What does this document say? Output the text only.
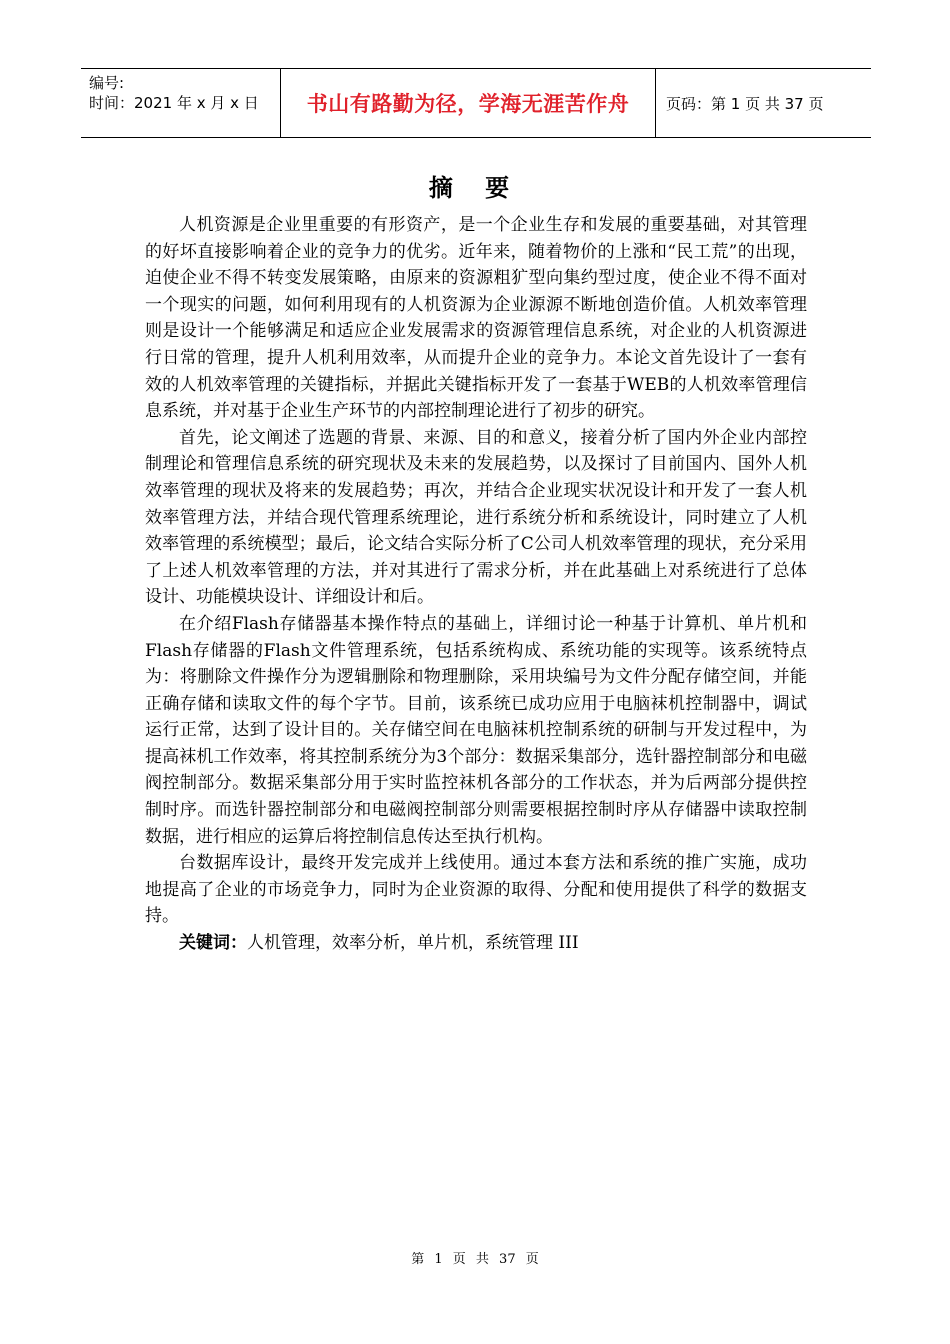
编号:
时间：2021 年 x 月 x 日	书山有路勤为径，学海无涯苦作舟 页码：第 1 页 共 37 页
摘 要

人机资源是企业里重要的有形资产，是一个企业生存和发展的重要基础，对其管理的好坏直接影响着企业的竞争力的优劣。近年来，随着物价的上涨和“民工荒”的出现，迫使企业不得不转变发展策略，由原来的资源粗犷型向集约型过度，使企业不得不面对一个现实的问题，如何利用现有的人机资源为企业源源不断地创造价值。人机效率管理则是设计一个能够满足和适应企业发展需求的资源管理信息系统，对企业的人机资源进行日常的管理，提升人机利用效率，从而提升企业的竞争力。本论文首先设计了一套有效的人机效率管理的关键指标，并据此关键指标开发了一套基于WEB的人机效率管理信息系统，并对基于企业生产环节的内部控制理论进行了初步的研究。

首先，论文阐述了选题的背景、来源、目的和意义，接着分析了国内外企业内部控制理论和管理信息系统的研究现状及未来的发展趋势，以及探讨了目前国内、国外人机效率管理的现状及将来的发展趋势；再次，并结合企业现实状况设计和开发了一套人机效率管理方法，并结合现代管理系统理论，进行系统分析和系统设计，同时建立了人机效率管理的系统模型；最后，论文结合实际分析了C公司人机效率管理的现状，充分采用了上述人机效率管理的方法，并对其进行了需求分析，并在此基础上对系统进行了总体设计、功能模块设计、详细设计和后。

在介绍Flash存储器基本操作特点的基础上，详细讨论一种基于计算机、单片机和Flash存储器的Flash文件管理系统，包括系统构成、系统功能的实现等。该系统特点为：将删除文件操作分为逻辑删除和物理删除，采用块编号为文件分配存储空间，并能正确存储和读取文件的每个字节。目前，该系统已成功应用于电脑袜机控制器中，调试运行正常，达到了设计目的。关存储空间在电脑袜机控制系统的研制与开发过程中，为提高袜机工作效率，将其控制系统分为3个部分：数据采集部分，选针器控制部分和电磁阀控制部分。数据采集部分用于实时监控袜机各部分的工作状态，并为后两部分提供控制时序。而选针器控制部分和电磁阀控制部分则需要根据控制时序从存储器中读取控制数据，进行相应的运算后将控制信息传达至执行机构。

台数据库设计，最终开发完成并上线使用。通过本套方法和系统的推广实施，成功地提高了企业的市场竞争力，同时为企业资源的取得、分配和使用提供了科学的数据支持。

关键词：人机管理，效率分析，单片机，系统管理 III
第 1 页 共 37 页
